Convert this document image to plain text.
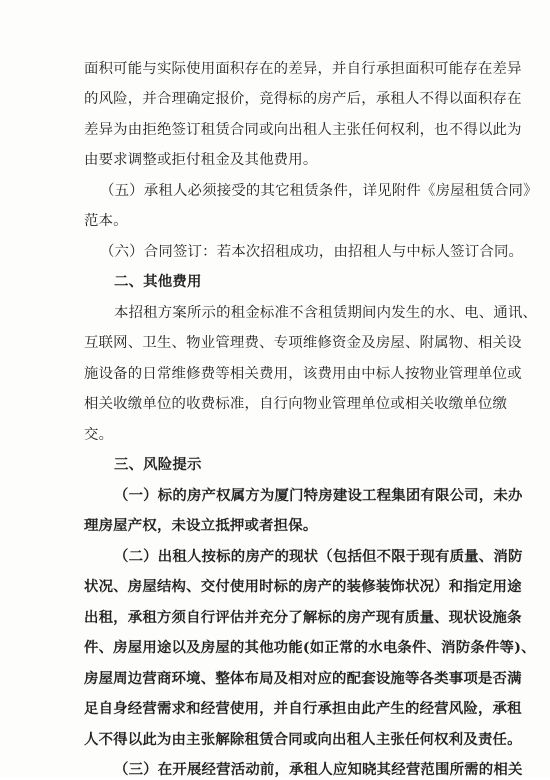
面积可能与实际使用面积存在的差异，并自行承担面积可能存在差异
的风险，并合理确定报价，竞得标的房产后，承租人不得以面积存在
差异为由拒绝签订租赁合同或向出租人主张任何权利，也不得以此为
由要求调整或拒付租金及其他费用。
（五）承租人必须接受的其它租赁条件，详见附件《房屋租赁合同》
范本。
（六）合同签订：若本次招租成功，由招租人与中标人签订合同。
二、其他费用
本招租方案所示的租金标准不含租赁期间内发生的水、电、通讯、
互联网、卫生、物业管理费、专项维修资金及房屋、附属物、相关设
施设备的日常维修费等相关费用，该费用由中标人按物业管理单位或
相关收缴单位的收费标准，自行向物业管理单位或相关收缴单位缴
交。
三、风险提示
（一）标的房产权属方为厦门特房建设工程集团有限公司，未办
理房屋产权，未设立抵押或者担保。
（二）出租人按标的房产的现状（包括但不限于现有质量、消防
状况、房屋结构、交付使用时标的房产的装修装饰状况）和指定用途
出租，承租方须自行评估并充分了解标的房产现有质量、现状设施条
件、房屋用途以及房屋的其他功能(如正常的水电条件、消防条件等)、
房屋周边营商环境、整体布局及相对应的配套设施等各类事项是否满
足自身经营需求和经营使用，并自行承担由此产生的经营风险，承租
人不得以此为由主张解除租赁合同或向出租人主张任何权利及责任。
（三）在开展经营活动前，承租人应知晓其经营范围所需的相关
